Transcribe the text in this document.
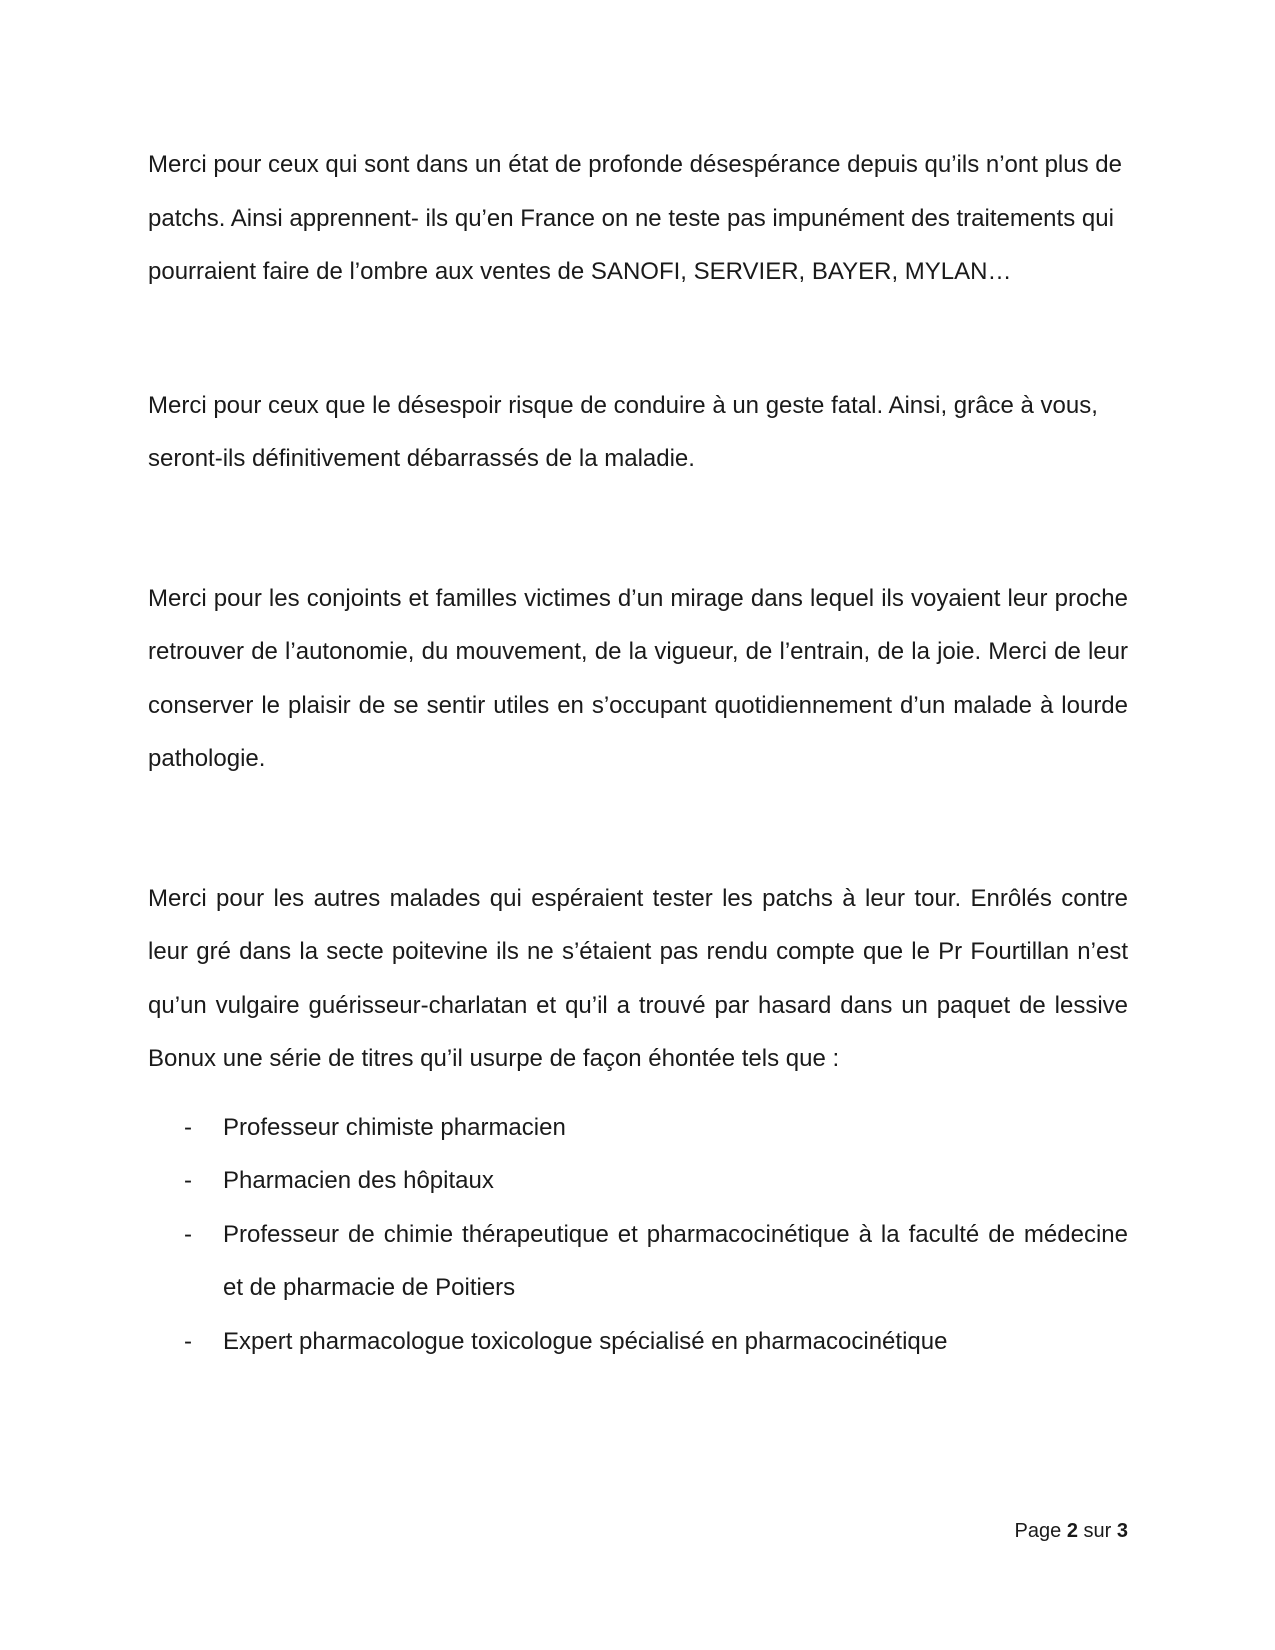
Merci pour ceux qui sont dans un état de profonde désespérance depuis qu’ils n’ont plus de patchs. Ainsi apprennent- ils qu’en France on ne teste pas impunément des traitements qui pourraient faire de l’ombre aux ventes de SANOFI, SERVIER, BAYER, MYLAN…

Merci pour ceux que le désespoir risque de conduire à un geste fatal. Ainsi, grâce à vous, seront-ils définitivement débarrassés de la maladie.

Merci pour les conjoints et familles victimes d’un mirage dans lequel ils voyaient leur proche retrouver de l’autonomie, du mouvement, de la vigueur, de l’entrain, de la joie. Merci de leur conserver le plaisir de se sentir utiles en s’occupant quotidiennement d’un malade à lourde pathologie.

Merci pour les autres malades qui espéraient tester les patchs à leur tour. Enrôlés contre leur gré dans la secte poitevine ils ne s’étaient pas rendu compte que le Pr Fourtillan n’est qu’un vulgaire guérisseur-charlatan et qu’il a trouvé par hasard dans un paquet de lessive Bonux une série de titres qu’il usurpe de façon éhontée tels que :

- Professeur chimiste pharmacien
- Pharmacien des hôpitaux
- Professeur de chimie thérapeutique et pharmacocinétique à la faculté de médecine et de pharmacie de Poitiers
- Expert pharmacologue toxicologue spécialisé en pharmacocinétique
Page 2 sur 3
